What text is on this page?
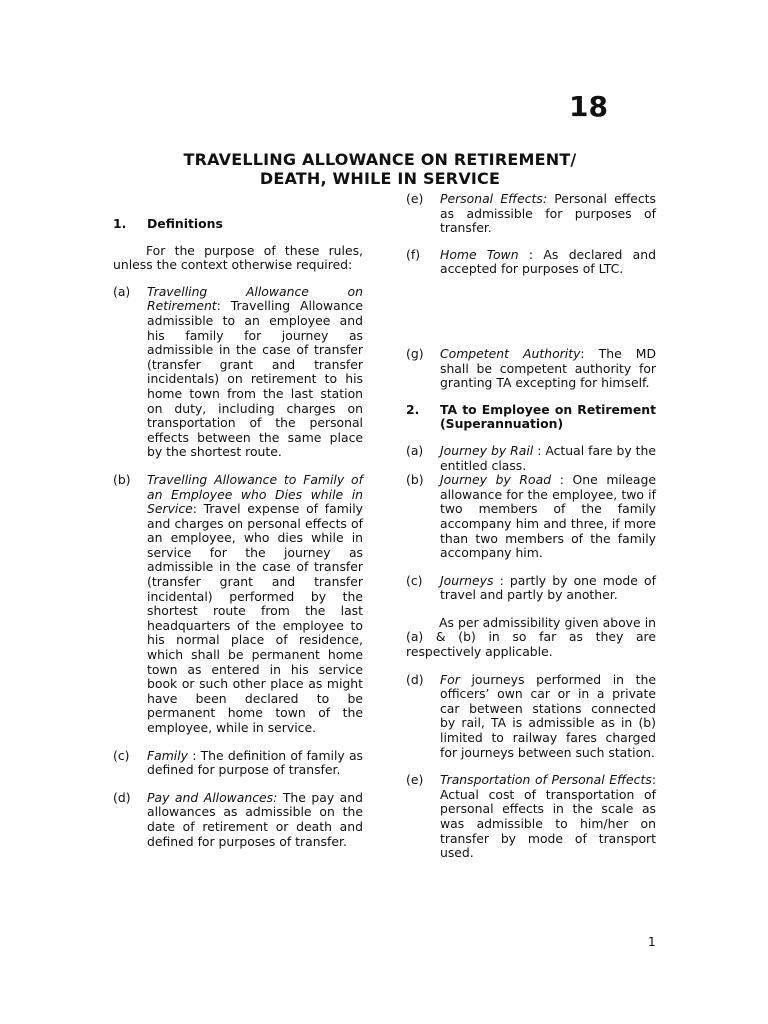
18
TRAVELLING ALLOWANCE ON RETIREMENT/
DEATH, WHILE IN SERVICE
1.	Definitions

For the purpose of these rules, unless the context otherwise required:

(a)	Travelling Allowance on Retirement: Travelling Allowance admissible to an employee and his family for journey as admissible in the case of transfer (transfer grant and transfer incidentals) on retirement to his home town from the last station on duty, including charges on transportation of the personal effects between the same place by the shortest route.
(b)	Travelling Allowance to Family of an Employee who Dies while in Service: Travel expense of family and charges on personal effects of an employee, who dies while in service for the journey as admissible in the case of transfer (transfer grant and transfer incidental) performed by the shortest route from the last headquarters of the employee to his normal place of residence, which shall be permanent home town as entered in his service book or such other place as might have been declared to be permanent home town of the employee, while in service.
(c)	Family : The definition of family as defined for purpose of transfer.
(d)	Pay and Allowances: The pay and allowances as admissible on the date of retirement or death and defined for purposes of transfer.
(e)	Personal Effects: Personal effects as admissible for purposes of transfer.
(f)	Home Town : As declared and accepted for purposes of LTC.
(g)	Competent Authority: The MD shall be competent authority for granting TA excepting for himself.
2.	TA to Employee on Retirement (Superannuation)
(a)	Journey by Rail : Actual fare by the entitled class.
(b)	Journey by Road : One mileage allowance for the employee, two if two members of the family accompany him and three, if more than two members of the family accompany him.
(c)	Journeys : partly by one mode of travel and partly by another.

As per admissibility given above in (a) & (b) in so far as they are respectively applicable.

(d)	For journeys performed in the officers’ own car or in a private car between stations connected by rail, TA is admissible as in (b) limited to railway fares charged for journeys between such station.
(e)	Transportation of Personal Effects: Actual cost of transportation of personal effects in the scale as was admissible to him/her on transfer by mode of transport used.
1
